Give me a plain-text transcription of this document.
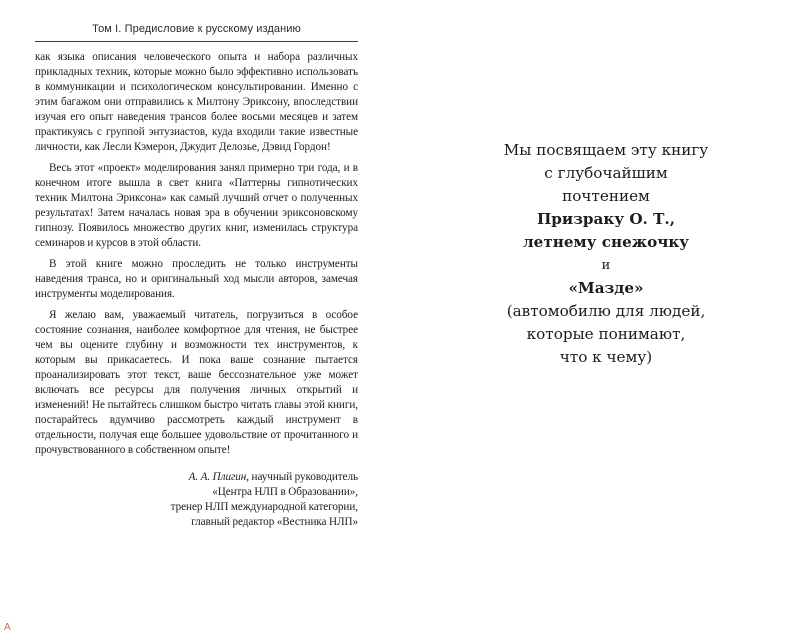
Том I. Предисловие к русскому изданию

как языка описания человеческого опыта и набора различных прикладных техник, которые можно было эффективно использовать в коммуникации и психологическом консультировании. Именно с этим багажом они отправились к Милтону Эриксону, впоследствии изучая его опыт наведения трансов более восьми месяцев и затем практикуясь с группой энтузиастов, куда входили такие известные личности, как Лесли Кэмерон, Джудит Делозье, Дэвид Гордон!

Весь этот «проект» моделирования занял примерно три года, и в конечном итоге вышла в свет книга «Паттерны гипнотических техник Милтона Эриксона» как самый лучший отчет о полученных результатах! Затем началась новая эра в обучении эриксоновскому гипнозу. Появилось множество других книг, изменилась структура семинаров и курсов в этой области.

В этой книге можно проследить не только инструменты наведения транса, но и оригинальный ход мысли авторов, замечая инструменты моделирования.

Я желаю вам, уважаемый читатель, погрузиться в особое состояние сознания, наиболее комфортное для чтения, не быстрее чем вы оцените глубину и возможности тех инструментов, к которым вы прикасаетесь. И пока ваше сознание пытается проанализировать этот текст, ваше бессознательное уже может включать все ресурсы для получения личных открытий и изменений! Не пытайтесь слишком быстро читать главы этой книги, постарайтесь вдумчиво рассмотреть каждый инструмент в отдельности, получая еще большее удовольствие от прочитанного и прочувствованного в собственном опыте!

А. А. Плигин, научный руководитель
«Центра НЛП в Образовании»,
тренер НЛП международной категории,
главный редактор «Вестника НЛП»
A
Мы посвящаем эту книгу
с глубочайшим
почтением
Призраку О. Т.,
летнему снежочку
и
«Мазде»
(автомобилю для людей,
которые понимают,
что к чему)
